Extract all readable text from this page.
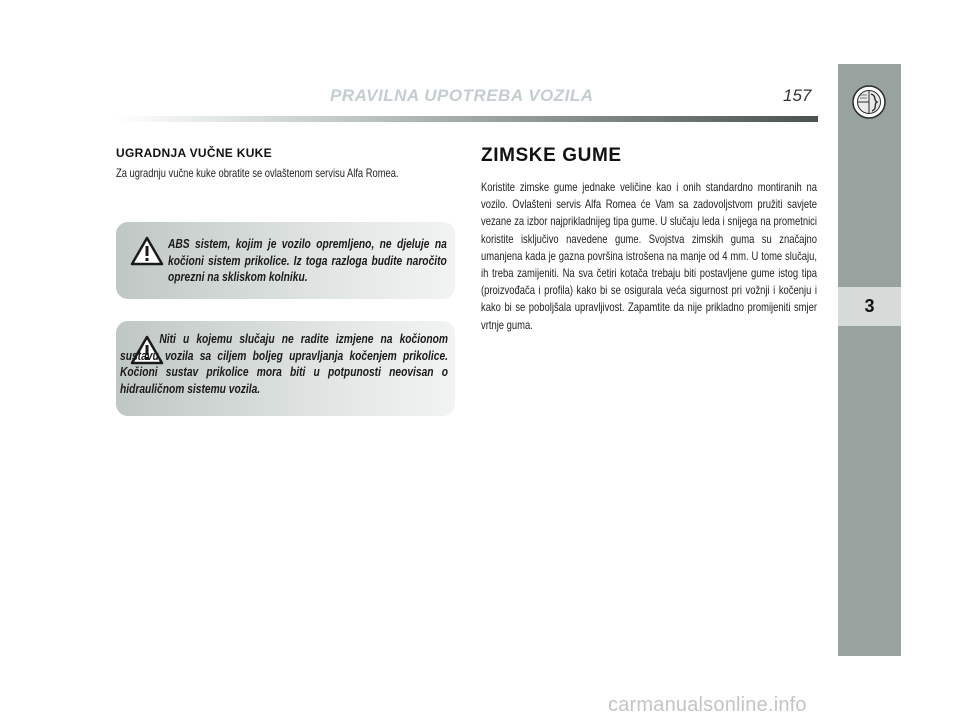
PRAVILNA UPOTREBA VOZILA	157
3
UGRADNJA VUČNE KUKE
Za ugradnju vučne kuke obratite se ovlaštenom servisu Alfa Romea.
ABS sistem, kojim je vozilo opremljeno, ne djeluje na kočioni sistem prikolice. Iz toga razloga budite naročito oprezni na skliskom kolniku.
Niti u kojemu slučaju ne radite izmjene na kočionom sustavu vozila sa ciljem boljeg upravljanja kočenjem prikolice. Kočioni sustav prikolice mora biti u potpunosti neovisan o hidrauličnom sistemu vozila.
ZIMSKE GUME
Koristite zimske gume jednake veličine kao i onih standardno montiranih na vozilo. Ovlašteni servis Alfa Romea će Vam sa zadovoljstvom pružiti savjete vezane za izbor najprikladnijeg tipa gume. U slučaju leda i snijega na prometnici koristite isključivo navedene gume. Svojstva zimskih guma su značajno umanjena kada je gazna površina istrošena na manje od 4 mm. U tome slučaju, ih treba zamijeniti. Na sva četiri kotača trebaju biti postavljene gume istog tipa (proizvođača i profila) kako bi se osigurala veća sigurnost pri vožnji i kočenju i kako bi se poboljšala upravljivost. Zapamtite da nije prikladno promijeniti smjer vrtnje guma.
carmanualsonline.info
